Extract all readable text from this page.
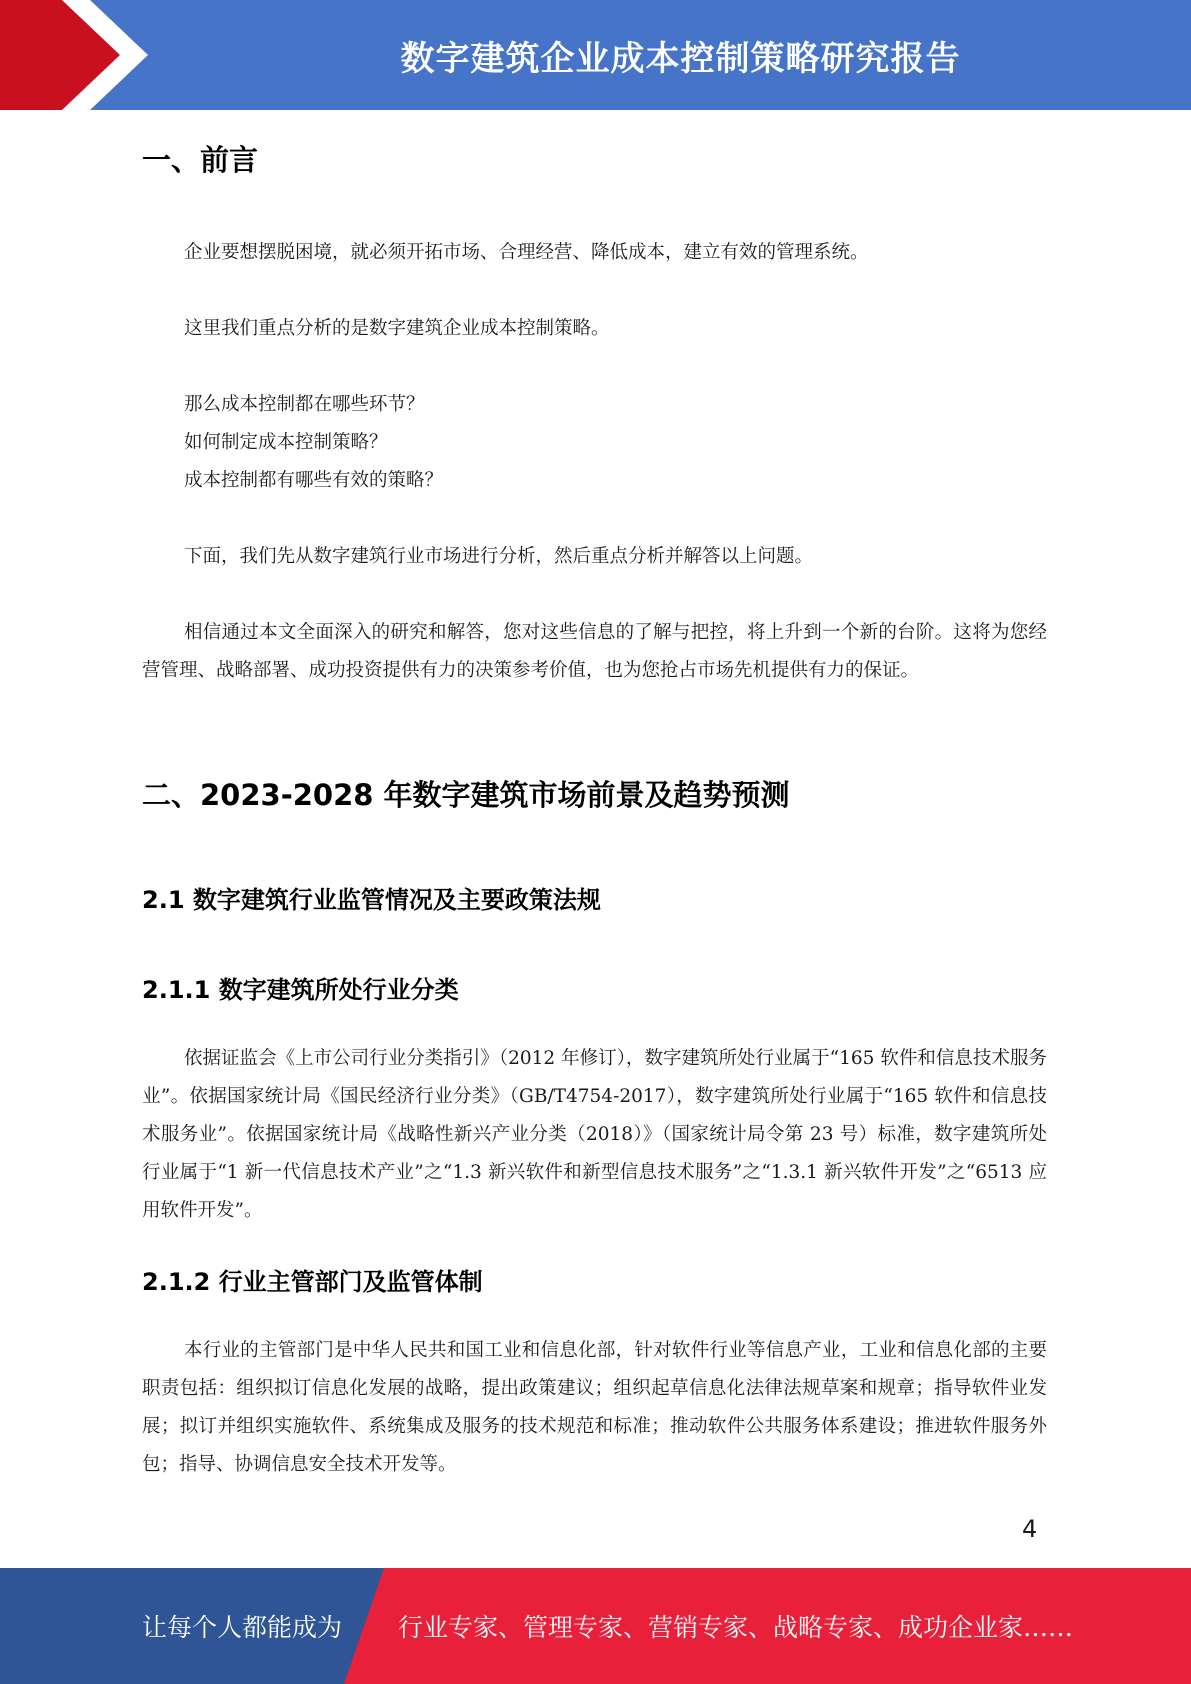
数字建筑企业成本控制策略研究报告
一、前言

企业要想摆脱困境，就必须开拓市场、合理经营、降低成本，建立有效的管理系统。

这里我们重点分析的是数字建筑企业成本控制策略。

那么成本控制都在哪些环节？
如何制定成本控制策略？
成本控制都有哪些有效的策略？

下面，我们先从数字建筑行业市场进行分析，然后重点分析并解答以上问题。

相信通过本文全面深入的研究和解答，您对这些信息的了解与把控，将上升到一个新的台阶。这将为您经营管理、战略部署、成功投资提供有力的决策参考价值，也为您抢占市场先机提供有力的保证。

二、2023-2028 年数字建筑市场前景及趋势预测
2.1 数字建筑行业监管情况及主要政策法规
2.1.1 数字建筑所处行业分类

依据证监会《上市公司行业分类指引》（2012 年修订），数字建筑所处行业属于“165 软件和信息技术服务业”。依据国家统计局《国民经济行业分类》（GB/T4754-2017），数字建筑所处行业属于“165 软件和信息技术服务业”。依据国家统计局《战略性新兴产业分类（2018）》（国家统计局令第 23 号）标准，数字建筑所处行业属于“1 新一代信息技术产业”之“1.3 新兴软件和新型信息技术服务”之“1.3.1 新兴软件开发”之“6513 应用软件开发”。

2.1.2 行业主管部门及监管体制

本行业的主管部门是中华人民共和国工业和信息化部，针对软件行业等信息产业，工业和信息化部的主要职责包括：组织拟订信息化发展的战略，提出政策建议；组织起草信息化法律法规草案和规章；指导软件业发展；拟订并组织实施软件、系统集成及服务的技术规范和标准；推动软件公共服务体系建设；推进软件服务外包；指导、协调信息安全技术开发等。

4
让每个人都能成为 行业专家、管理专家、营销专家、战略专家、成功企业家……
